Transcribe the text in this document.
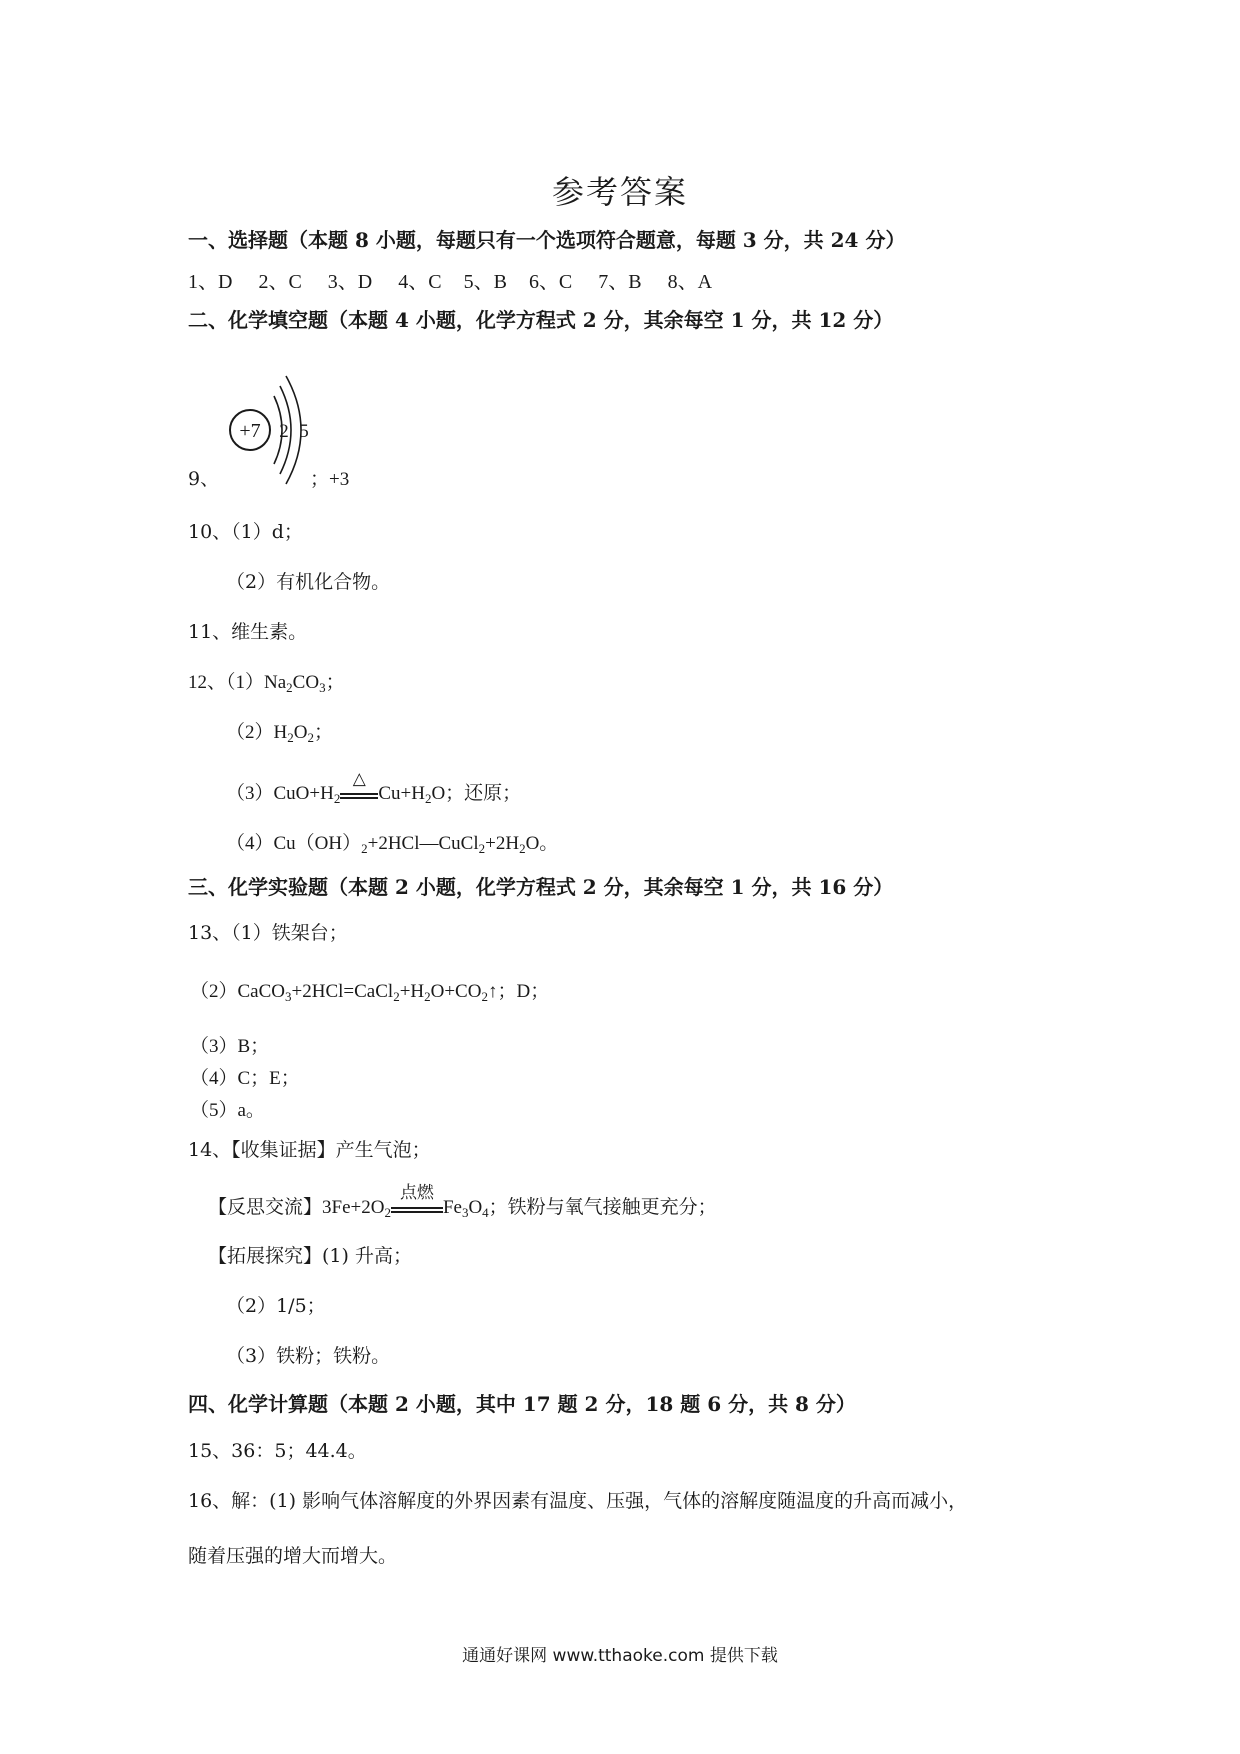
参考答案
一、选择题（本题 8 小题，每题只有一个选项符合题意，每题 3 分，共 24 分）
1、D 2、C 3、D 4、C 5、B 6、C 7、B 8、A
二、化学填空题（本题 4 小题，化学方程式 2 分，其余每空 1 分，共 12 分）
+7 2 5
9、	；+3
10、（1）d；
（2）有机化合物。
11、维生素。
12、$(1)Na_2CO_3$；
$(2)H_2O_2$；
$(3)CuO+H_2$
△
$Cu+H_2O$；还原；
$(4)Cu(OH)_2+2HCl—CuCl_2+2H_2O$。
三、化学实验题（本题 2 小题，化学方程式 2 分，其余每空 1 分，共 16 分）
13、（1）铁架台；
$(2)CaCO_3+2HCl=CaCl_2+H_2O+CO_2↑$；D；
（3）B；
（4）C；E；
（5）a。
14、【收集证据】产生气泡；
【反思交流】$3Fe+2O_2$
点燃
$Fe_3O_4$；铁粉与氧气接触更充分；
【拓展探究】(1) 升高；
（2）1/5；
（3）铁粉；铁粉。
四、化学计算题（本题 2 小题，其中 17 题 2 分，18 题 6 分，共 8 分）
15、36：5；44.4。
16、解：(1) 影响气体溶解度的外界因素有温度、压强，气体的溶解度随温度的升高而减小，
随着压强的增大而增大。
通通好课网 www.tthaoke.com 提供下载
